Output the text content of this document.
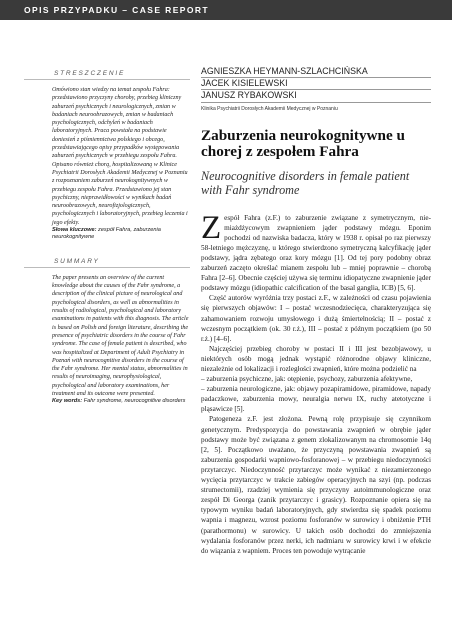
OPIS PRZYPADKU – CASE REPORT
STRESZCZENIE

Omówiono stan wiedzy na temat zespołu Fahra: przedstawiono przyczyny choroby, przebieg kliniczny zaburzeń psychicznych i neurologicznych, zmian w badaniach neuroobrazowych, zmian w badaniach psychologicznych, odchyleń w badaniach laboratoryjnych. Praca powstała na podstawie doniesień z piśmiennictwa polskiego i obcego, przedstawiającego opisy przypadków występowania zaburzeń psychicznych w przebiegu zespołu Fahra. Opisano również chorą, hospitalizowaną w Klinice Psychiatrii Dorosłych Akademii Medycznej w Poznaniu z rozpoznaniem zaburzeń neurokognitywnych w przebiegu zespołu Fahra. Przedstawiono jej stan psychiczny, nieprawidłowości w wynikach badań neuroobrazowych, neurofizjologicznych, psychologicznych i laboratoryjnych, przebieg leczenia i jego efekty.

Słowa kluczowe: zespół Fahra, zaburzenia neurokognitywne
SUMMARY

The paper presents an overview of the current knowledge about the causes of the Fahr syndrome, a description of the clinical picture of neurological and psychological disorders, as well as abnormalities in results of radiological, psychological and laboratory examinations in patients with this diagnosis. The article is based on Polish and foreign literature, describing the presence of psychiatric disorders in the course of Fahr syndrome. The case of female patient is described, who was hospitalized at Department of Adult Psychiatry in Poznań with neurocognitive disorders in the course of the Fahr syndrome. Her mental status, abnormalities in results of neuroimaging, neurophysiological, psychological and laboratory examinations, her treatment and its outcome were presented.

Key words: Fahr syndrome, neurocognitive disorders
AGNIESZKA HEYMANN-SZLACHCIŃSKA
JACEK KISIELEWSKI
JANUSZ RYBAKOWSKI
Klinika Psychiatrii Dorosłych Akademii Medycznej w Poznaniu
Zaburzenia neurokognitywne u chorej z zespołem Fahra
Neurocognitive disorders in female patient with Fahr syndrome

Zespół Fahra (z.F.) to zaburzenie związane z symetrycznym, nie-miażdżycowym zwapnieniem jąder podstawy mózgu. Eponim pochodzi od nazwiska badacza, który w 1938 r. opisał po raz pierwszy 58-letniego mężczyznę, u którego stwierdzono symetryczną kalcyfikację jąder podstawy, jądra zębatego oraz kory mózgu [1]. Od tej pory podobny obraz zaburzeń zaczęto określać mianem zespołu lub – mniej poprawnie – chorobą Fahra [2–6]. Obecnie częściej używa się terminu idiopatyczne zwapnienie jąder podstawy mózgu (idiopathic calcification of the basal ganglia, ICB) [5, 6].

Część autorów wyróżnia trzy postaci z.F., w zależności od czasu pojawienia się pierwszych objawów: I – postać wczesnodziecięca, charakteryzująca się zahamowaniem rozwoju umysłowego i dużą śmiertelnością; II – postać z wczesnym początkiem (ok. 30 r.ż.), III – postać z późnym początkiem (po 50 r.ż.) [4–6].

Najczęściej przebieg choroby w postaci II i III jest bezobjawowy, u niektórych osób mogą jednak wystąpić różnorodne objawy kliniczne, niezależnie od lokalizacji i rozległości zwapnień, które można podzielić na

– zaburzenia psychiczne, jak: otępienie, psychozy, zaburzenia afektywne,

– zaburzenia neurologiczne, jak: objawy pozapiramidowe, piramidowe, napady padaczkowe, zaburzenia mowy, neuralgia nerwu IX, ruchy atetotyczne i pląsawicze [5].

Patogeneza z.F. jest złożona. Pewną rolę przypisuje się czynnikom genetycznym. Predyspozycja do powstawania zwapnień w obrębie jąder podstawy może być związana z genem zlokalizowanym na chromosomie 14q [2, 5]. Początkowo uważano, że przyczyną powstawania zwapnień są zaburzenia gospodarki wapniowo-fosforanowej – w przebiegu niedoczynności przytarczyc. Niedoczynność przytarczyc może wynikać z niezamierzonego wycięcia przytarczyc w trakcie zabiegów operacyjnych na szyi (np. podczas strumectomii), rzadziej wymienia się przyczyny autoimmunologiczne oraz zespół Di Georga (zanik przytarczyc i grasicy). Rozpoznanie opiera się na typowym wyniku badań laboratoryjnych, gdy stwierdza się spadek poziomu wapnia i magnezu, wzrost poziomu fosforanów w surowicy i obniżenie PTH (parathormonu) w surowicy. U takich osób dochodzi do zmniejszenia wydalania fosforanów przez nerki, ich nadmiaru w surowicy krwi i w efekcie do wiązania z wapniem. Proces ten powoduje wytrącanie
